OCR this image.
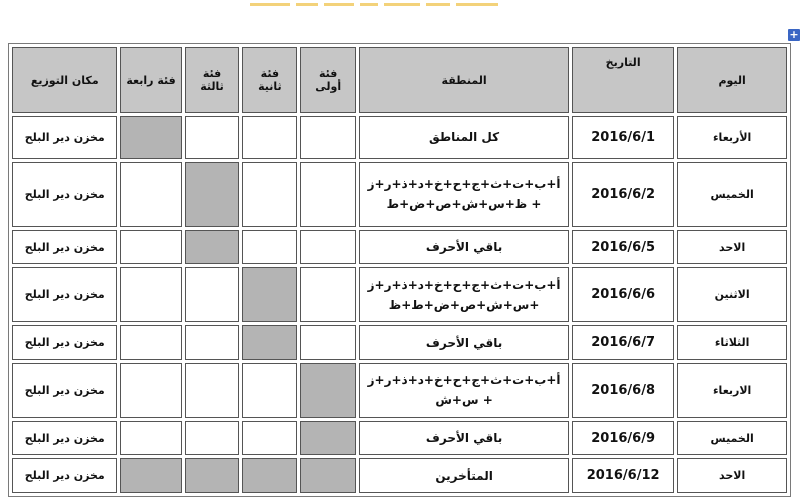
+
مكان التوزيع	فئة رابعة	فئة ثالثة	فئة ثانية	فئة أولى	المنطقة	التاريخ	اليوم
مخزن دير البلح					كل المناطق	2016/6/1	الأربعاء
مخزن دير البلح					أ+ب+ت+ث+ج+ح+خ+د+ذ+ر+ز + ظ+س+ش+ص+ض+ط	2016/6/2	الخميس
مخزن دير البلح					باقي الأحرف	2016/6/5	الاحد
مخزن دير البلح					أ+ب+ت+ث+ج+ح+خ+د+ذ+ر+ز +س+ش+ص+ض+ط+ظ	2016/6/6	الاثنين
مخزن دير البلح					باقي الأحرف	2016/6/7	الثلاثاء
مخزن دير البلح					أ+ب+ت+ث+ج+ح+خ+د+ذ+ر+ز + س+ش	2016/6/8	الاربعاء
مخزن دير البلح					باقي الأحرف	2016/6/9	الخميس
مخزن دير البلح					المتأخرين	2016/6/12	الاحد
